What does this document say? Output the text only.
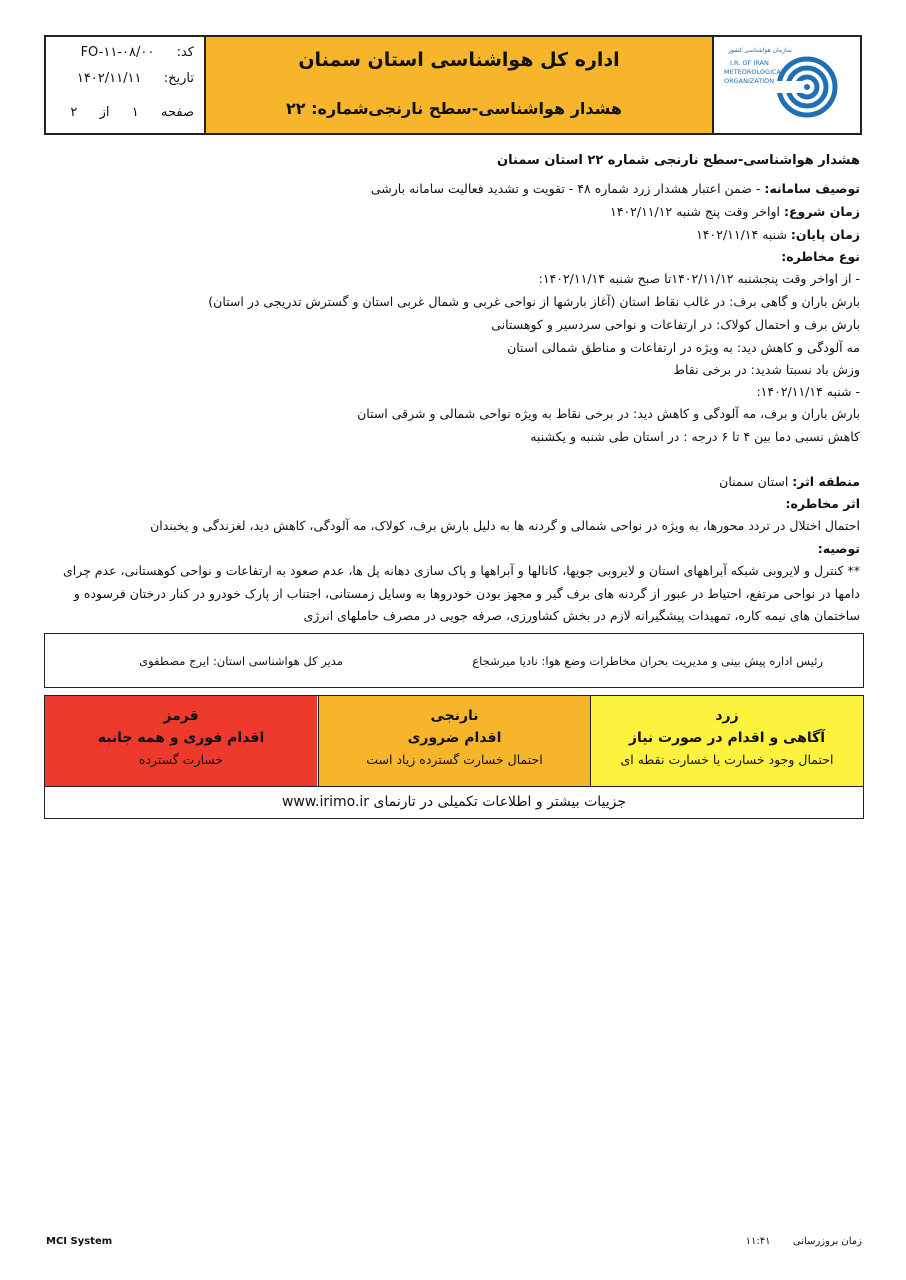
کد:  FO-۱۱-۰۸/۰۰
تاریخ:  ۱۴۰۲/۱۱/۱۱
صفحه  ۱  از  ۲
اداره کل هواشناسی استان سمنان
هشدار هواشناسی-سطح نارنجی
شماره: ۲۲
سازمان هواشناسی کشور
I.R. OF IRAN
METEOROLOGICAL
ORGANIZATION
هشدار هواشناسی-سطح نارنجی شماره ۲۲ استان سمنان
توصیف سامانه: - ضمن اعتبار هشدار زرد شماره ۴۸ - تقویت و تشدید فعالیت سامانه بارشی
زمان شروع: اواخر وقت پنج شنبه ۱۴۰۲/۱۱/۱۲
زمان پایان: شنبه ۱۴۰۲/۱۱/۱۴
نوع مخاطره:
- از اواخر وقت پنجشنبه ۱۴۰۲/۱۱/۱۲تا صبح شنبه ۱۴۰۲/۱۱/۱۴:
بارش باران و گاهی برف: در غالب نقاط استان (آغاز بارشها از نواحی غربی و شمال غربی استان و گسترش تدریجی در استان)
بارش برف و احتمال کولاک: در ارتفاعات و نواحی سردسیر و کوهستانی
مه آلودگی و کاهش دید: به ویژه در ارتفاعات و مناطق شمالی استان
وزش باد نسبتا شدید: در برخی نقاط
- شنبه ۱۴۰۲/۱۱/۱۴:
بارش باران و برف، مه آلودگی و کاهش دید: در برخی نقاط به ویژه نواحی شمالی و شرقی استان
کاهش نسبی دما بین ۴ تا ۶ درجه : در استان طی شنبه و یکشنبه
منطقه اثر: استان سمنان
اثر مخاطره:
احتمال اختلال در تردد محورها، به ویژه در نواحی شمالی و گردنه ها به دلیل بارش برف، کولاک، مه آلودگی، کاهش دید، لغزندگی و یخبندان
توصیه:
** کنترل و لایروبی شبکه آبراههای استان و لایروبی جویها، کانالها و آبراهها و پاک سازی دهانه پل ها، عدم صعود به ارتفاعات و نواحی کوهستانی، عدم چرای
دامها در نواحی مرتفع، احتیاط در عبور از گردنه های برف گیر و مجهز بودن خودروها به وسایل زمستانی، اجتناب از پارک خودرو در کنار درختان فرسوده و
ساختمان های نیمه کاره، تمهیدات پیشگیرانه لازم در بخش کشاورزی، صرفه جویی در مصرف حاملهای انرژی
رئیس اداره پیش بینی و مدیریت بحران مخاطرات وضع هوا: نادیا میرشجاع
مدیر کل هواشناسی استان: ایرج مصطفوی
زرد
آگاهی و اقدام در صورت نیاز
احتمال وجود خسارت یا خسارت نقطه ای
نارنجی
اقدام ضروری
احتمال خسارت گسترده زیاد است
قرمز
اقدام فوری و همه جانبه
خسارت گسترده
جزییات بیشتر و اطلاعات تکمیلی در تارنمای www.irimo.ir
MCI System	زمان بروزرسانی  ۱۱:۴۱
